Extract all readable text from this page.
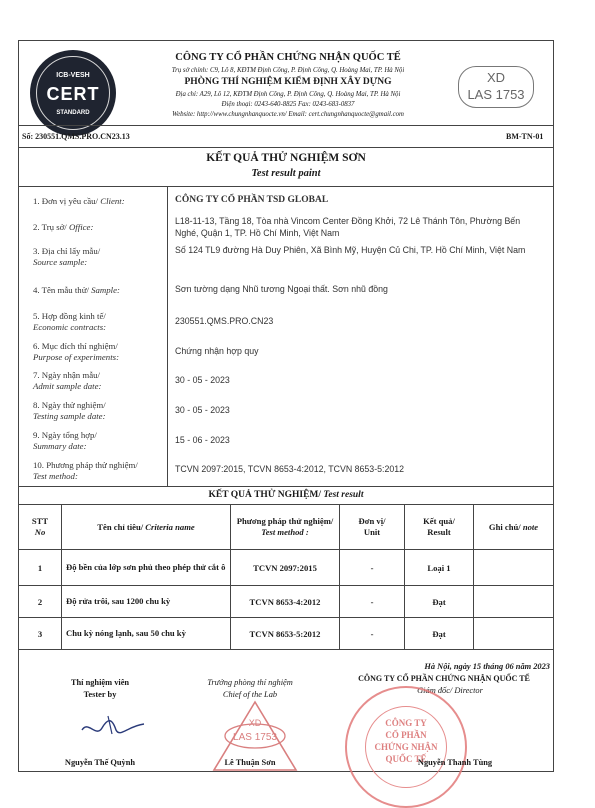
ICB-VESH
CERT
STANDARD
XD
LAS 1753
CÔNG TY CỔ PHẦN CHỨNG NHẬN QUỐC TẾ
Trụ sở chính: C9, Lô 8, KĐTM Định Công, P. Định Công, Q. Hoàng Mai, TP. Hà Nội
PHÒNG THÍ NGHIỆM KIỂM ĐỊNH XÂY DỰNG
Địa chỉ: A29, Lô 12, KĐTM Định Công, P. Định Công, Q. Hoàng Mai, TP. Hà Nội
Điện thoại: 0243-640-8825 Fax: 0243-683-0837
Website: http://www.chungnhanquocte.vn/ Email: cert.chungnhanquocte@gmail.com
Số: 230551.QMS.PRO.CN23.13	BM-TN-01
KẾT QUẢ THỬ NGHIỆM SƠN
Test result paint
1. Đơn vị yêu cầu/ Client:	CÔNG TY CỔ PHẦN TSD GLOBAL
2. Trụ sở/ Office:
L18-11-13, Tầng 18, Tòa nhà Vincom Center Đồng Khởi, 72 Lê Thánh Tôn, Phường Bến Nghé, Quận 1, TP. Hồ Chí Minh, Việt Nam
3. Địa chỉ lấy mẫu/
Source sample:
Số 124 TL9 đường Hà Duy Phiên, Xã Bình Mỹ, Huyện Củ Chi, TP. Hồ Chí Minh, Việt Nam
4. Tên mẫu thử/ Sample:	Sơn tường dạng Nhũ tương Ngoại thất. Sơn nhũ đồng
5. Hợp đồng kinh tế/
Economic contracts:
230551.QMS.PRO.CN23
6. Mục đích thí nghiệm/
Purpose of experiments:
Chứng nhận hợp quy
7. Ngày nhận mẫu/
Admit sample date:
30 - 05 - 2023
8. Ngày thử nghiệm/
Testing sample date:
30 - 05 - 2023
9. Ngày tổng hợp/
Summary date:
15 - 06 - 2023
10. Phương pháp thử nghiệm/
Test method:
TCVN 2097:2015, TCVN 8653-4:2012, TCVN 8653-5:2012
KẾT QUẢ THỬ NGHIỆM/ Test result
STT
No	Tên chỉ tiêu/ Criteria name	Phương pháp thử nghiệm/
Test method :	Đơn vị/
Unit	Kết quả/
Result	Ghi chú/ note
1	Độ bền của lớp sơn phủ theo phép thử cắt ô	TCVN 2097:2015	-	Loại 1	
2	Độ rửa trôi, sau 1200 chu kỳ	TCVN 8653-4:2012	-	Đạt	
3	Chu kỳ nóng lạnh, sau 50 chu kỳ	TCVN 8653-5:2012	-	Đạt	
Hà Nội, ngày 15 tháng 06 năm 2023
Thí nghiệm viên
Tester by
Trưởng phòng thí nghiệm
Chief of the Lab
CÔNG TY CỔ PHẦN CHỨNG NHẬN QUỐC TẾ
Giám đốc/ Director
XD
LAS 1753
CÔNG TY
CỔ PHẦN
CHỨNG NHẬN
QUỐC TẾ
Nguyễn Thế Quỳnh	Lê Thuận Sơn	Nguyễn Thanh Tùng
